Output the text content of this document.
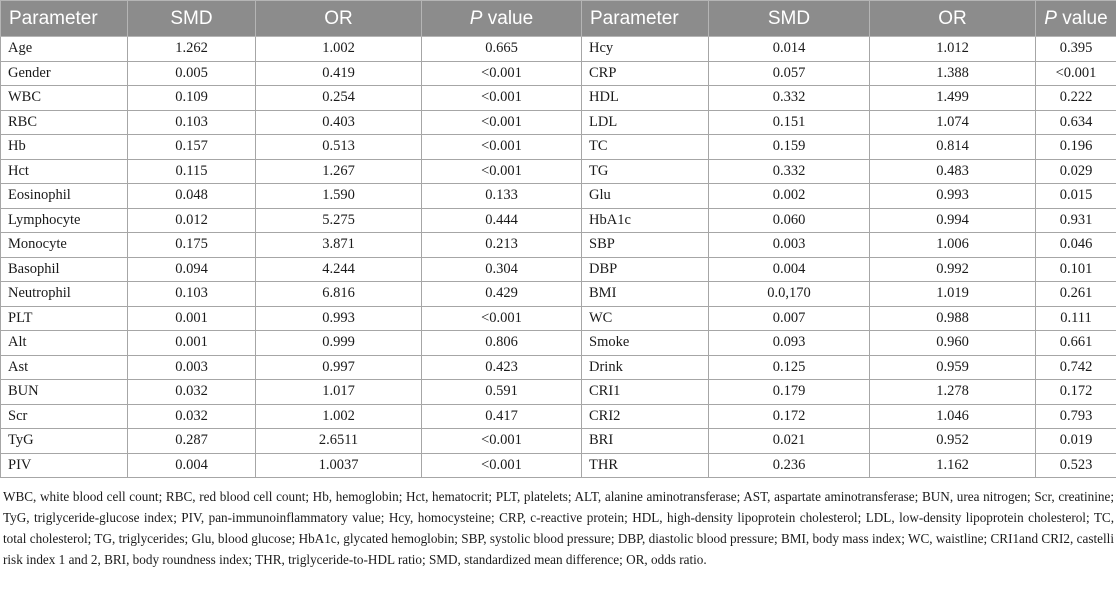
Parameter	SMD	OR	P value	Parameter	SMD	OR	P value
Age	1.262	1.002	0.665	Hcy	0.014	1.012	0.395
Gender	0.005	0.419	<0.001	CRP	0.057	1.388	<0.001
WBC	0.109	0.254	<0.001	HDL	0.332	1.499	0.222
RBC	0.103	0.403	<0.001	LDL	0.151	1.074	0.634
Hb	0.157	0.513	<0.001	TC	0.159	0.814	0.196
Hct	0.115	1.267	<0.001	TG	0.332	0.483	0.029
Eosinophil	0.048	1.590	0.133	Glu	0.002	0.993	0.015
Lymphocyte	0.012	5.275	0.444	HbA1c	0.060	0.994	0.931
Monocyte	0.175	3.871	0.213	SBP	0.003	1.006	0.046
Basophil	0.094	4.244	0.304	DBP	0.004	0.992	0.101
Neutrophil	0.103	6.816	0.429	BMI	0.0,170	1.019	0.261
PLT	0.001	0.993	<0.001	WC	0.007	0.988	0.111
Alt	0.001	0.999	0.806	Smoke	0.093	0.960	0.661
Ast	0.003	0.997	0.423	Drink	0.125	0.959	0.742
BUN	0.032	1.017	0.591	CRI1	0.179	1.278	0.172
Scr	0.032	1.002	0.417	CRI2	0.172	1.046	0.793
TyG	0.287	2.6511	<0.001	BRI	0.021	0.952	0.019
PIV	0.004	1.0037	<0.001	THR	0.236	1.162	0.523
WBC, white blood cell count; RBC, red blood cell count; Hb, hemoglobin; Hct, hematocrit; PLT, platelets; ALT, alanine aminotransferase; AST, aspartate aminotransferase; BUN, urea nitrogen; Scr, creatinine; TyG, triglyceride-glucose index; PIV, pan-immunoinflammatory value; Hcy, homocysteine; CRP, c-reactive protein; HDL, high-density lipoprotein cholesterol; LDL, low-density lipoprotein cholesterol; TC, total cholesterol; TG, triglycerides; Glu, blood glucose; HbA1c, glycated hemoglobin; SBP, systolic blood pressure; DBP, diastolic blood pressure; BMI, body mass index; WC, waistline; CRI1and CRI2, castelli risk index 1 and 2, BRI, body roundness index; THR, triglyceride-to-HDL ratio; SMD, standardized mean difference; OR, odds ratio.
